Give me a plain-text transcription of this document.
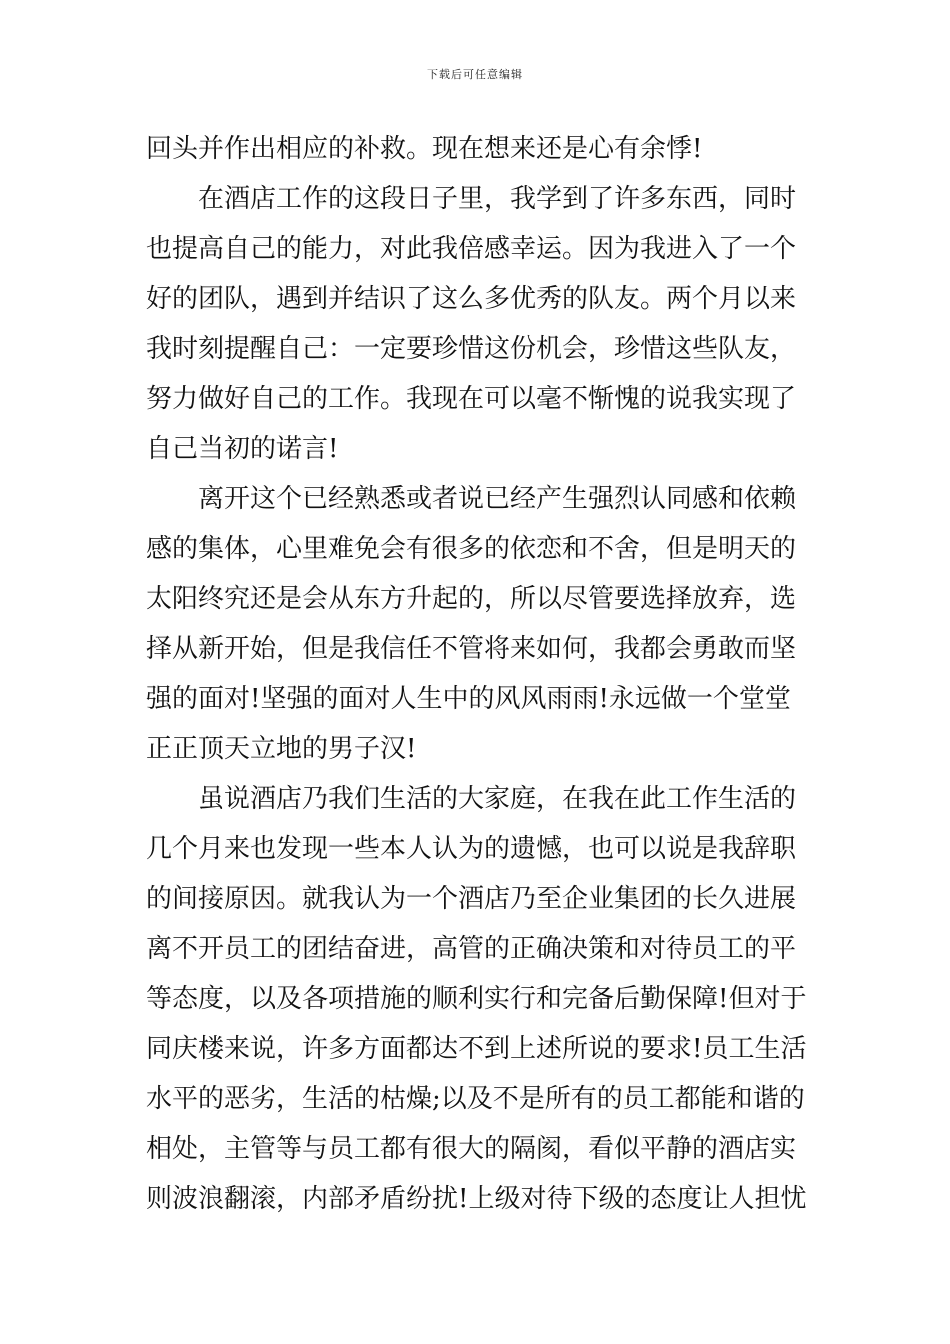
下载后可任意编辑
回头并作出相应的补救。现在想来还是心有余悸!
在酒店工作的这段日子里，我学到了许多东西，同时
也提高自己的能力，对此我倍感幸运。因为我进入了一个
好的团队，遇到并结识了这么多优秀的队友。两个月以来
我时刻提醒自己：一定要珍惜这份机会，珍惜这些队友，
努力做好自己的工作。我现在可以毫不惭愧的说我实现了
自己当初的诺言!
离开这个已经熟悉或者说已经产生强烈认同感和依赖
感的集体，心里难免会有很多的依恋和不舍，但是明天的
太阳终究还是会从东方升起的，所以尽管要选择放弃，选
择从新开始，但是我信任不管将来如何，我都会勇敢而坚
强的面对!坚强的面对人生中的风风雨雨!永远做一个堂堂
正正顶天立地的男子汉!
虽说酒店乃我们生活的大家庭，在我在此工作生活的
几个月来也发现一些本人认为的遗憾，也可以说是我辞职
的间接原因。就我认为一个酒店乃至企业集团的长久进展
离不开员工的团结奋进，高管的正确决策和对待员工的平
等态度，以及各项措施的顺利实行和完备后勤保障!但对于
同庆楼来说，许多方面都达不到上述所说的要求!员工生活
水平的恶劣，生活的枯燥;以及不是所有的员工都能和谐的
相处，主管等与员工都有很大的隔阂，看似平静的酒店实
则波浪翻滚，内部矛盾纷扰!上级对待下级的态度让人担忧
